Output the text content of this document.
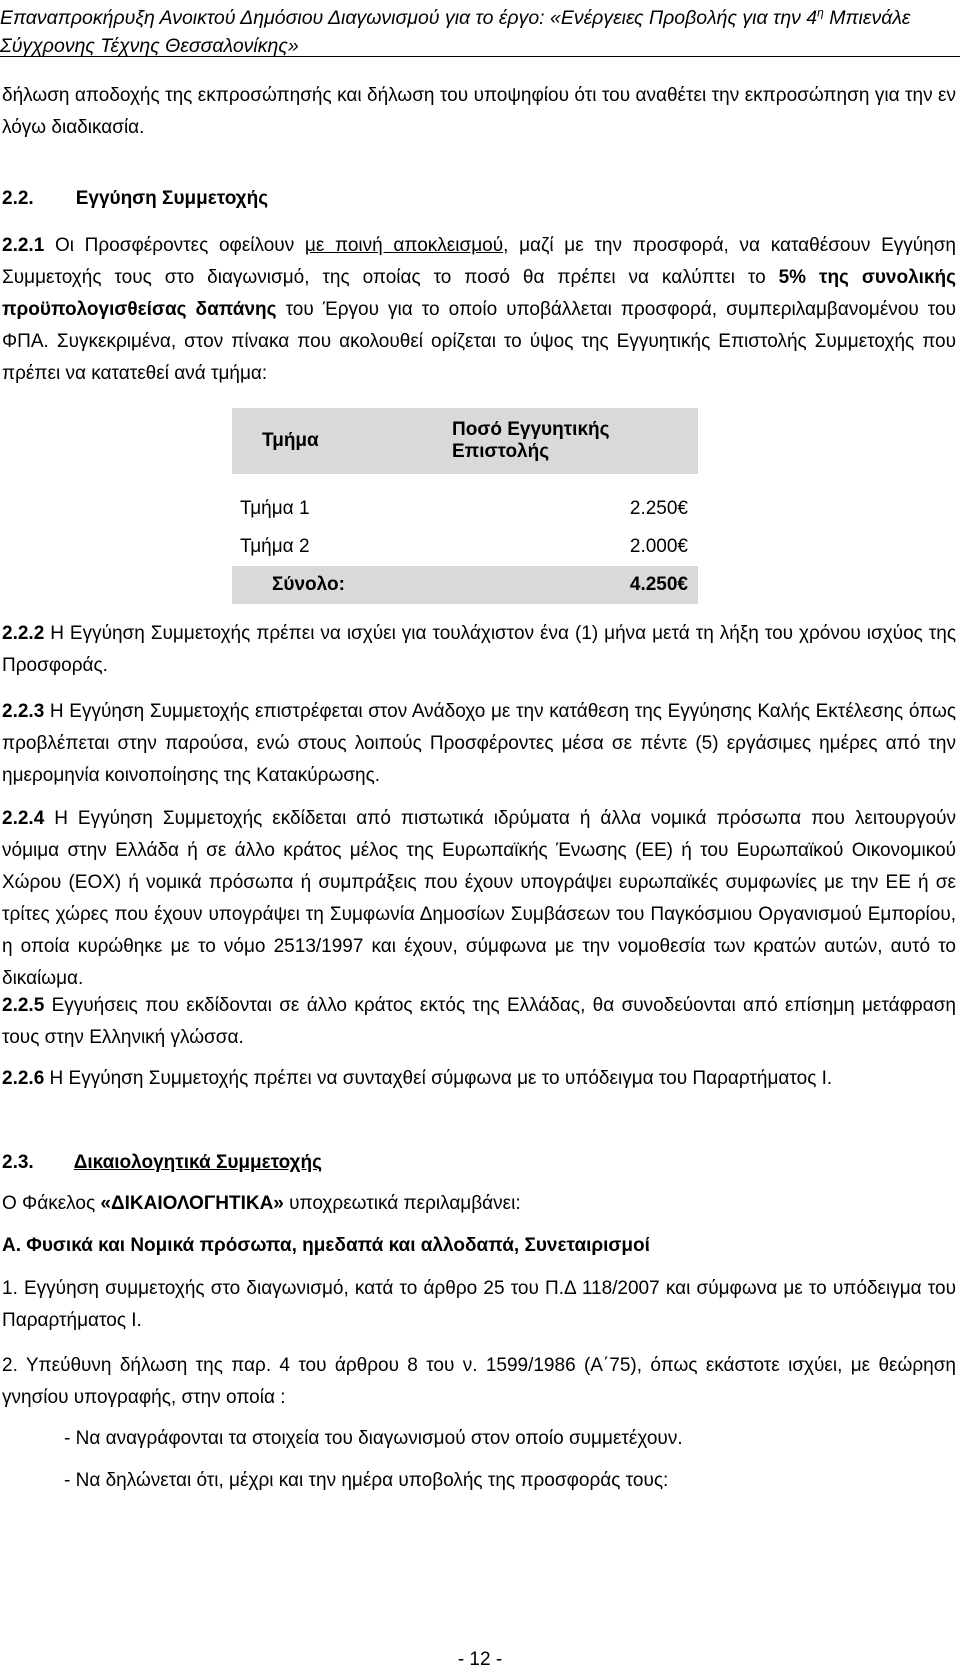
Επαναπροκήρυξη Ανοικτού Δημόσιου Διαγωνισμού για το έργο: «Ενέργειες Προβολής για την $4^\eta$ Μπιενάλε
Σύγχρονης Τέχνης Θεσσαλονίκης»

δήλωση αποδοχής της εκπροσώπησής και δήλωση του υποψηφίου ότι του αναθέτει την εκπροσώπηση για την εν λόγω διαδικασία.

2.2. Εγγύηση Συμμετοχής

2.2.1 Οι Προσφέροντες οφείλουν με ποινή αποκλεισμού, μαζί με την προσφορά, να καταθέσουν Εγγύηση Συμμετοχής τους στο διαγωνισμό, της οποίας το ποσό θα πρέπει να καλύπτει το 5% της συνολικής προϋπολογισθείσας δαπάνης του Έργου για το οποίο υποβάλλεται προσφορά, συμπεριλαμβανομένου του ΦΠΑ. Συγκεκριμένα, στον πίνακα που ακολουθεί ορίζεται το ύψος της Εγγυητικής Επιστολής Συμμετοχής που πρέπει να κατατεθεί ανά τμήμα:

Τμήμα	Ποσό Εγγυητικής Επιστολής

Τμήμα 1	2.250€
Τμήμα 2	2.000€
Σύνολο:	4.250€

2.2.2 Η Εγγύηση Συμμετοχής πρέπει να ισχύει για τουλάχιστον ένα (1) μήνα μετά τη λήξη του χρόνου ισχύος της Προσφοράς.

2.2.3 Η Εγγύηση Συμμετοχής επιστρέφεται στον Ανάδοχο με την κατάθεση της Εγγύησης Καλής Εκτέλεσης όπως προβλέπεται στην παρούσα, ενώ στους λοιπούς Προσφέροντες μέσα σε πέντε (5) εργάσιμες ημέρες από την ημερομηνία κοινοποίησης της Κατακύρωσης.

2.2.4 Η Εγγύηση Συμμετοχής εκδίδεται από πιστωτικά ιδρύματα ή άλλα νομικά πρόσωπα που λειτουργούν νόμιμα στην Ελλάδα ή σε άλλο κράτος μέλος της Ευρωπαϊκής Ένωσης (ΕΕ) ή του Ευρωπαϊκού Οικονομικού Χώρου (ΕΟΧ) ή νομικά πρόσωπα ή συμπράξεις που έχουν υπογράψει ευρωπαϊκές συμφωνίες με την ΕΕ ή σε τρίτες χώρες που έχουν υπογράψει τη Συμφωνία Δημοσίων Συμβάσεων του Παγκόσμιου Οργανισμού Εμπορίου, η οποία κυρώθηκε με το νόμο 2513/1997 και έχουν, σύμφωνα με την νομοθεσία των κρατών αυτών, αυτό το δικαίωμα.

2.2.5 Εγγυήσεις που εκδίδονται σε άλλο κράτος εκτός της Ελλάδας, θα συνοδεύονται από επίσημη μετάφραση τους στην Ελληνική γλώσσα.

2.2.6 Η Εγγύηση Συμμετοχής πρέπει να συνταχθεί σύμφωνα με το υπόδειγμα του Παραρτήματος Ι.

2.3. Δικαιολογητικά Συμμετοχής

Ο Φάκελος «ΔΙΚΑΙΟΛΟΓΗΤΙΚΑ» υποχρεωτικά περιλαμβάνει:

Α. Φυσικά και Νομικά πρόσωπα, ημεδαπά και αλλοδαπά, Συνεταιρισμοί

1. Εγγύηση συμμετοχής στο διαγωνισμό, κατά το άρθρο 25 του Π.Δ 118/2007 και σύμφωνα με το υπόδειγμα του Παραρτήματος Ι.

2. Υπεύθυνη δήλωση της παρ. 4 του άρθρου 8 του ν. 1599/1986 (Α΄75), όπως εκάστοτε ισχύει, με θεώρηση γνησίου υπογραφής, στην οποία :

- Να αναγράφονται τα στοιχεία του διαγωνισμού στον οποίο συμμετέχουν.

- Να δηλώνεται ότι, μέχρι και την ημέρα υποβολής της προσφοράς τους:

- 12 -
